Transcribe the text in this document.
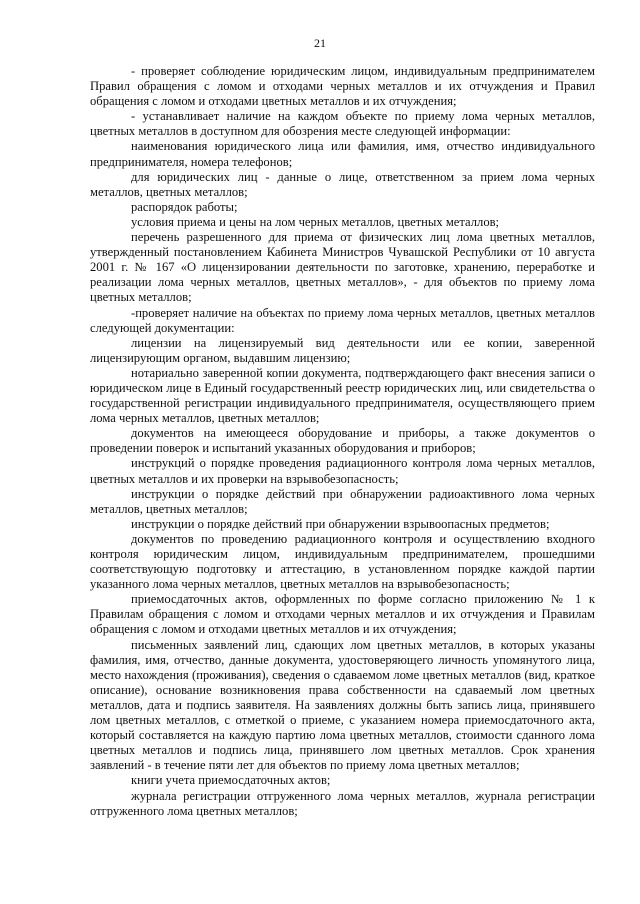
21

- проверяет соблюдение юридическим лицом, индивидуальным предпринимателем Правил обращения с ломом и отходами черных металлов и их отчуждения и Правил обращения с ломом и отходами цветных металлов и их отчуждения;

- устанавливает наличие на каждом объекте по приему лома черных металлов, цветных металлов в доступном для обозрения месте следующей информации:

наименования юридического лица или фамилия, имя, отчество индивидуального предпринимателя, номера телефонов;

для юридических лиц - данные о лице, ответственном за прием лома черных металлов, цветных металлов;

распорядок работы;

условия приема и цены на лом черных металлов, цветных металлов;

перечень разрешенного для приема от физических лиц лома цветных металлов, утвержденный постановлением Кабинета Министров Чувашской Республики от 10 августа 2001 г. № 167 «О лицензировании деятельности по заготовке, хранению, переработке и реализации лома черных металлов, цветных металлов», - для объектов по приему лома цветных металлов;

-проверяет наличие на объектах по приему лома черных металлов, цветных металлов следующей документации:

лицензии на лицензируемый вид деятельности или ее копии, заверенной лицензирующим органом, выдавшим лицензию;

нотариально заверенной копии документа, подтверждающего факт внесения записи о юридическом лице в Единый государственный реестр юридических лиц, или свидетельства о государственной регистрации индивидуального предпринимателя, осуществляющего прием лома черных металлов, цветных металлов;

документов на имеющееся оборудование и приборы, а также документов о проведении поверок и испытаний указанных оборудования и приборов;

инструкций о порядке проведения радиационного контроля лома черных металлов, цветных металлов и их проверки на взрывобезопасность;

инструкции о порядке действий при обнаружении радиоактивного лома черных металлов, цветных металлов;

инструкции о порядке действий при обнаружении взрывоопасных предметов;

документов по проведению радиационного контроля и осуществлению входного контроля юридическим лицом, индивидуальным предпринимателем, прошедшими соответствующую подготовку и аттестацию, в установленном порядке каждой партии указанного лома черных металлов, цветных металлов на взрывобезопасность;

приемосдаточных актов, оформленных по форме согласно приложению № 1 к Правилам обращения с ломом и отходами черных металлов и их отчуждения и Правилам обращения с ломом и отходами цветных металлов и их отчуждения;

письменных заявлений лиц, сдающих лом цветных металлов, в которых указаны фамилия, имя, отчество, данные документа, удостоверяющего личность упомянутого лица, место нахождения (проживания), сведения о сдаваемом ломе цветных металлов (вид, краткое описание), основание возникновения права собственности на сдаваемый лом цветных металлов, дата и подпись заявителя. На заявлениях должны быть запись лица, принявшего лом цветных металлов, с отметкой о приеме, с указанием номера приемосдаточного акта, который составляется на каждую партию лома цветных металлов, стоимости сданного лома цветных металлов и подпись лица, принявшего лом цветных металлов. Срок хранения заявлений - в течение пяти лет для объектов по приему лома цветных металлов;

книги учета приемосдаточных актов;

журнала регистрации отгруженного лома черных металлов, журнала регистрации отгруженного лома цветных металлов;
